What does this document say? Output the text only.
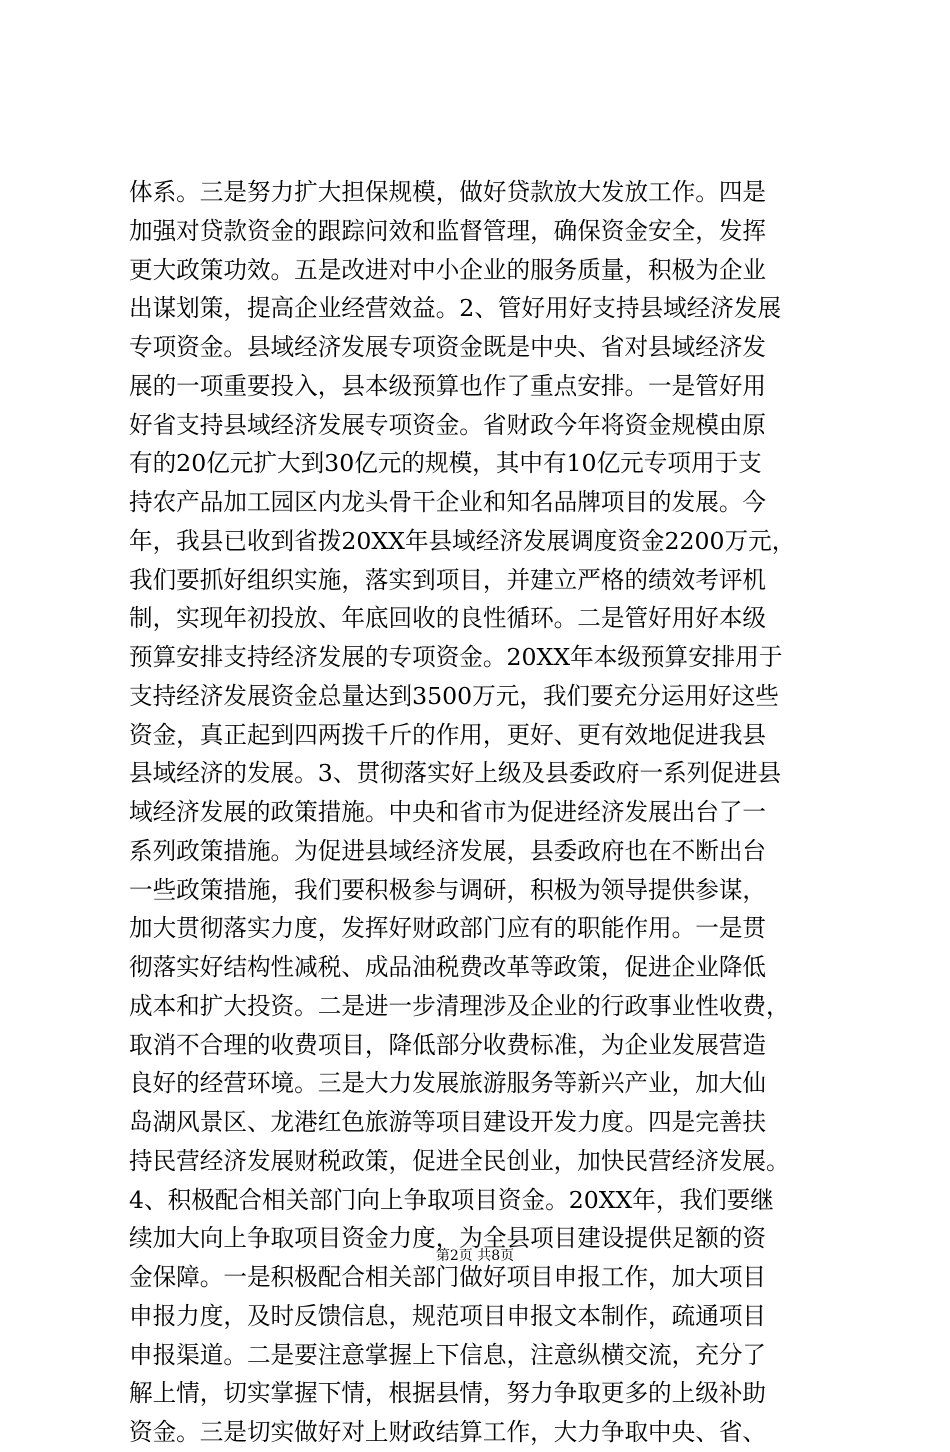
体系。三是努力扩大担保规模，做好贷款放大发放工作。四是
加强对贷款资金的跟踪问效和监督管理，确保资金安全，发挥
更大政策功效。五是改进对中小企业的服务质量，积极为企业
出谋划策，提高企业经营效益。2、管好用好支持县域经济发展
专项资金。县域经济发展专项资金既是中央、省对县域经济发
展的一项重要投入，县本级预算也作了重点安排。一是管好用
好省支持县域经济发展专项资金。省财政今年将资金规模由原
有的20亿元扩大到30亿元的规模，其中有10亿元专项用于支
持农产品加工园区内龙头骨干企业和知名品牌项目的发展。今
年，我县已收到省拨20XX年县域经济发展调度资金2200万元，
我们要抓好组织实施，落实到项目，并建立严格的绩效考评机
制，实现年初投放、年底回收的良性循环。二是管好用好本级
预算安排支持经济发展的专项资金。20XX年本级预算安排用于
支持经济发展资金总量达到3500万元，我们要充分运用好这些
资金，真正起到四两拨千斤的作用，更好、更有效地促进我县
县域经济的发展。3、贯彻落实好上级及县委政府一系列促进县
域经济发展的政策措施。中央和省市为促进经济发展出台了一
系列政策措施。为促进县域经济发展，县委政府也在不断出台
一些政策措施，我们要积极参与调研，积极为领导提供参谋，
加大贯彻落实力度，发挥好财政部门应有的职能作用。一是贯
彻落实好结构性减税、成品油税费改革等政策，促进企业降低
成本和扩大投资。二是进一步清理涉及企业的行政事业性收费，
取消不合理的收费项目，降低部分收费标准，为企业发展营造
良好的经营环境。三是大力发展旅游服务等新兴产业，加大仙
岛湖风景区、龙港红色旅游等项目建设开发力度。四是完善扶
持民营经济发展财税政策，促进全民创业，加快民营经济发展。
4、积极配合相关部门向上争取项目资金。20XX年，我们要继
续加大向上争取项目资金力度，为全县项目建设提供足额的资
金保障。一是积极配合相关部门做好项目申报工作，加大项目
申报力度，及时反馈信息，规范项目申报文本制作，疏通项目
申报渠道。二是要注意掌握上下信息，注意纵横交流，充分了
解上情，切实掌握下情，根据县情，努力争取更多的上级补助
资金。三是切实做好对上财政结算工作，大力争取中央、省、
第2页 共8页
